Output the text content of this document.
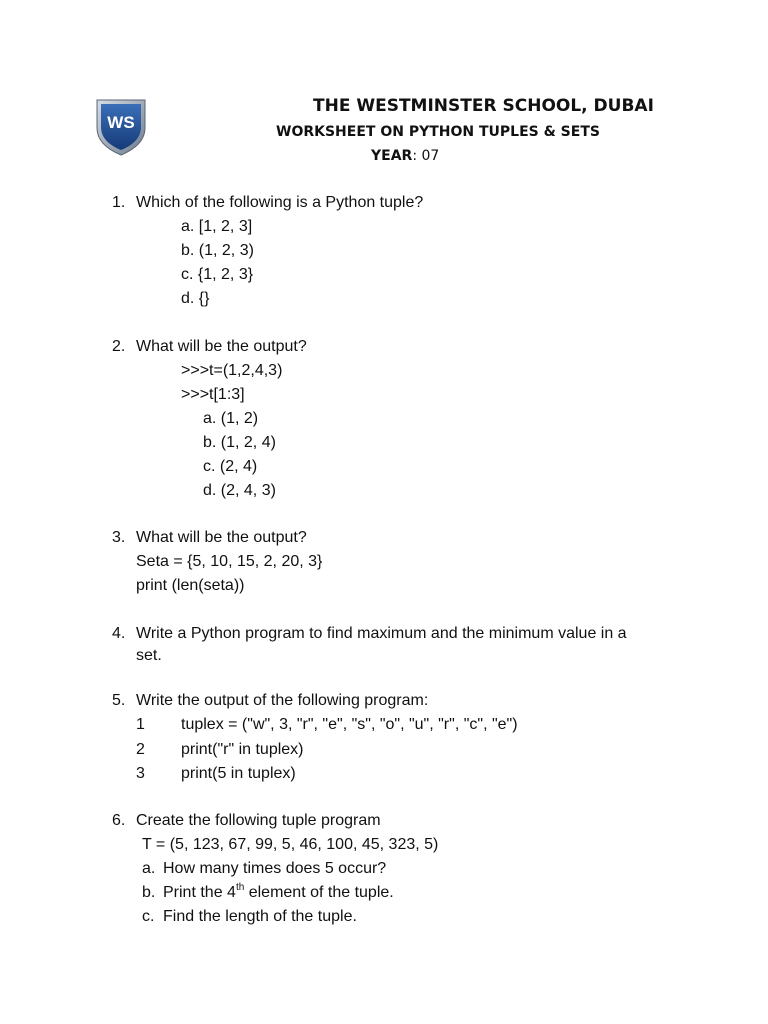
WS
THE WESTMINSTER SCHOOL, DUBAI
WORKSHEET ON PYTHON TUPLES & SETS
YEAR: 07
1. Which of the following is a Python tuple?
a. [1, 2, 3]
b. (1, 2, 3)
c. {1, 2, 3}
d. {}
2. What will be the output?
>>>t=(1,2,4,3)
>>>t[1:3]
a. (1, 2)
b. (1, 2, 4)
c. (2, 4)
d. (2, 4, 3)
3. What will be the output?
Seta = {5, 10, 15, 2, 20, 3}
print (len(seta))
4. Write a Python program to find maximum and the minimum value in a
set.
5. Write the output of the following program:
1 tuplex = ("w", 3, "r", "e", "s", "o", "u", "r", "c", "e")
2 print("r" in tuplex)
3 print(5 in tuplex)
6. Create the following tuple program
T = (5, 123, 67, 99, 5, 46, 100, 45, 323, 5)
a. How many times does 5 occur?
b. Print the 4th element of the tuple.
c. Find the length of the tuple.
